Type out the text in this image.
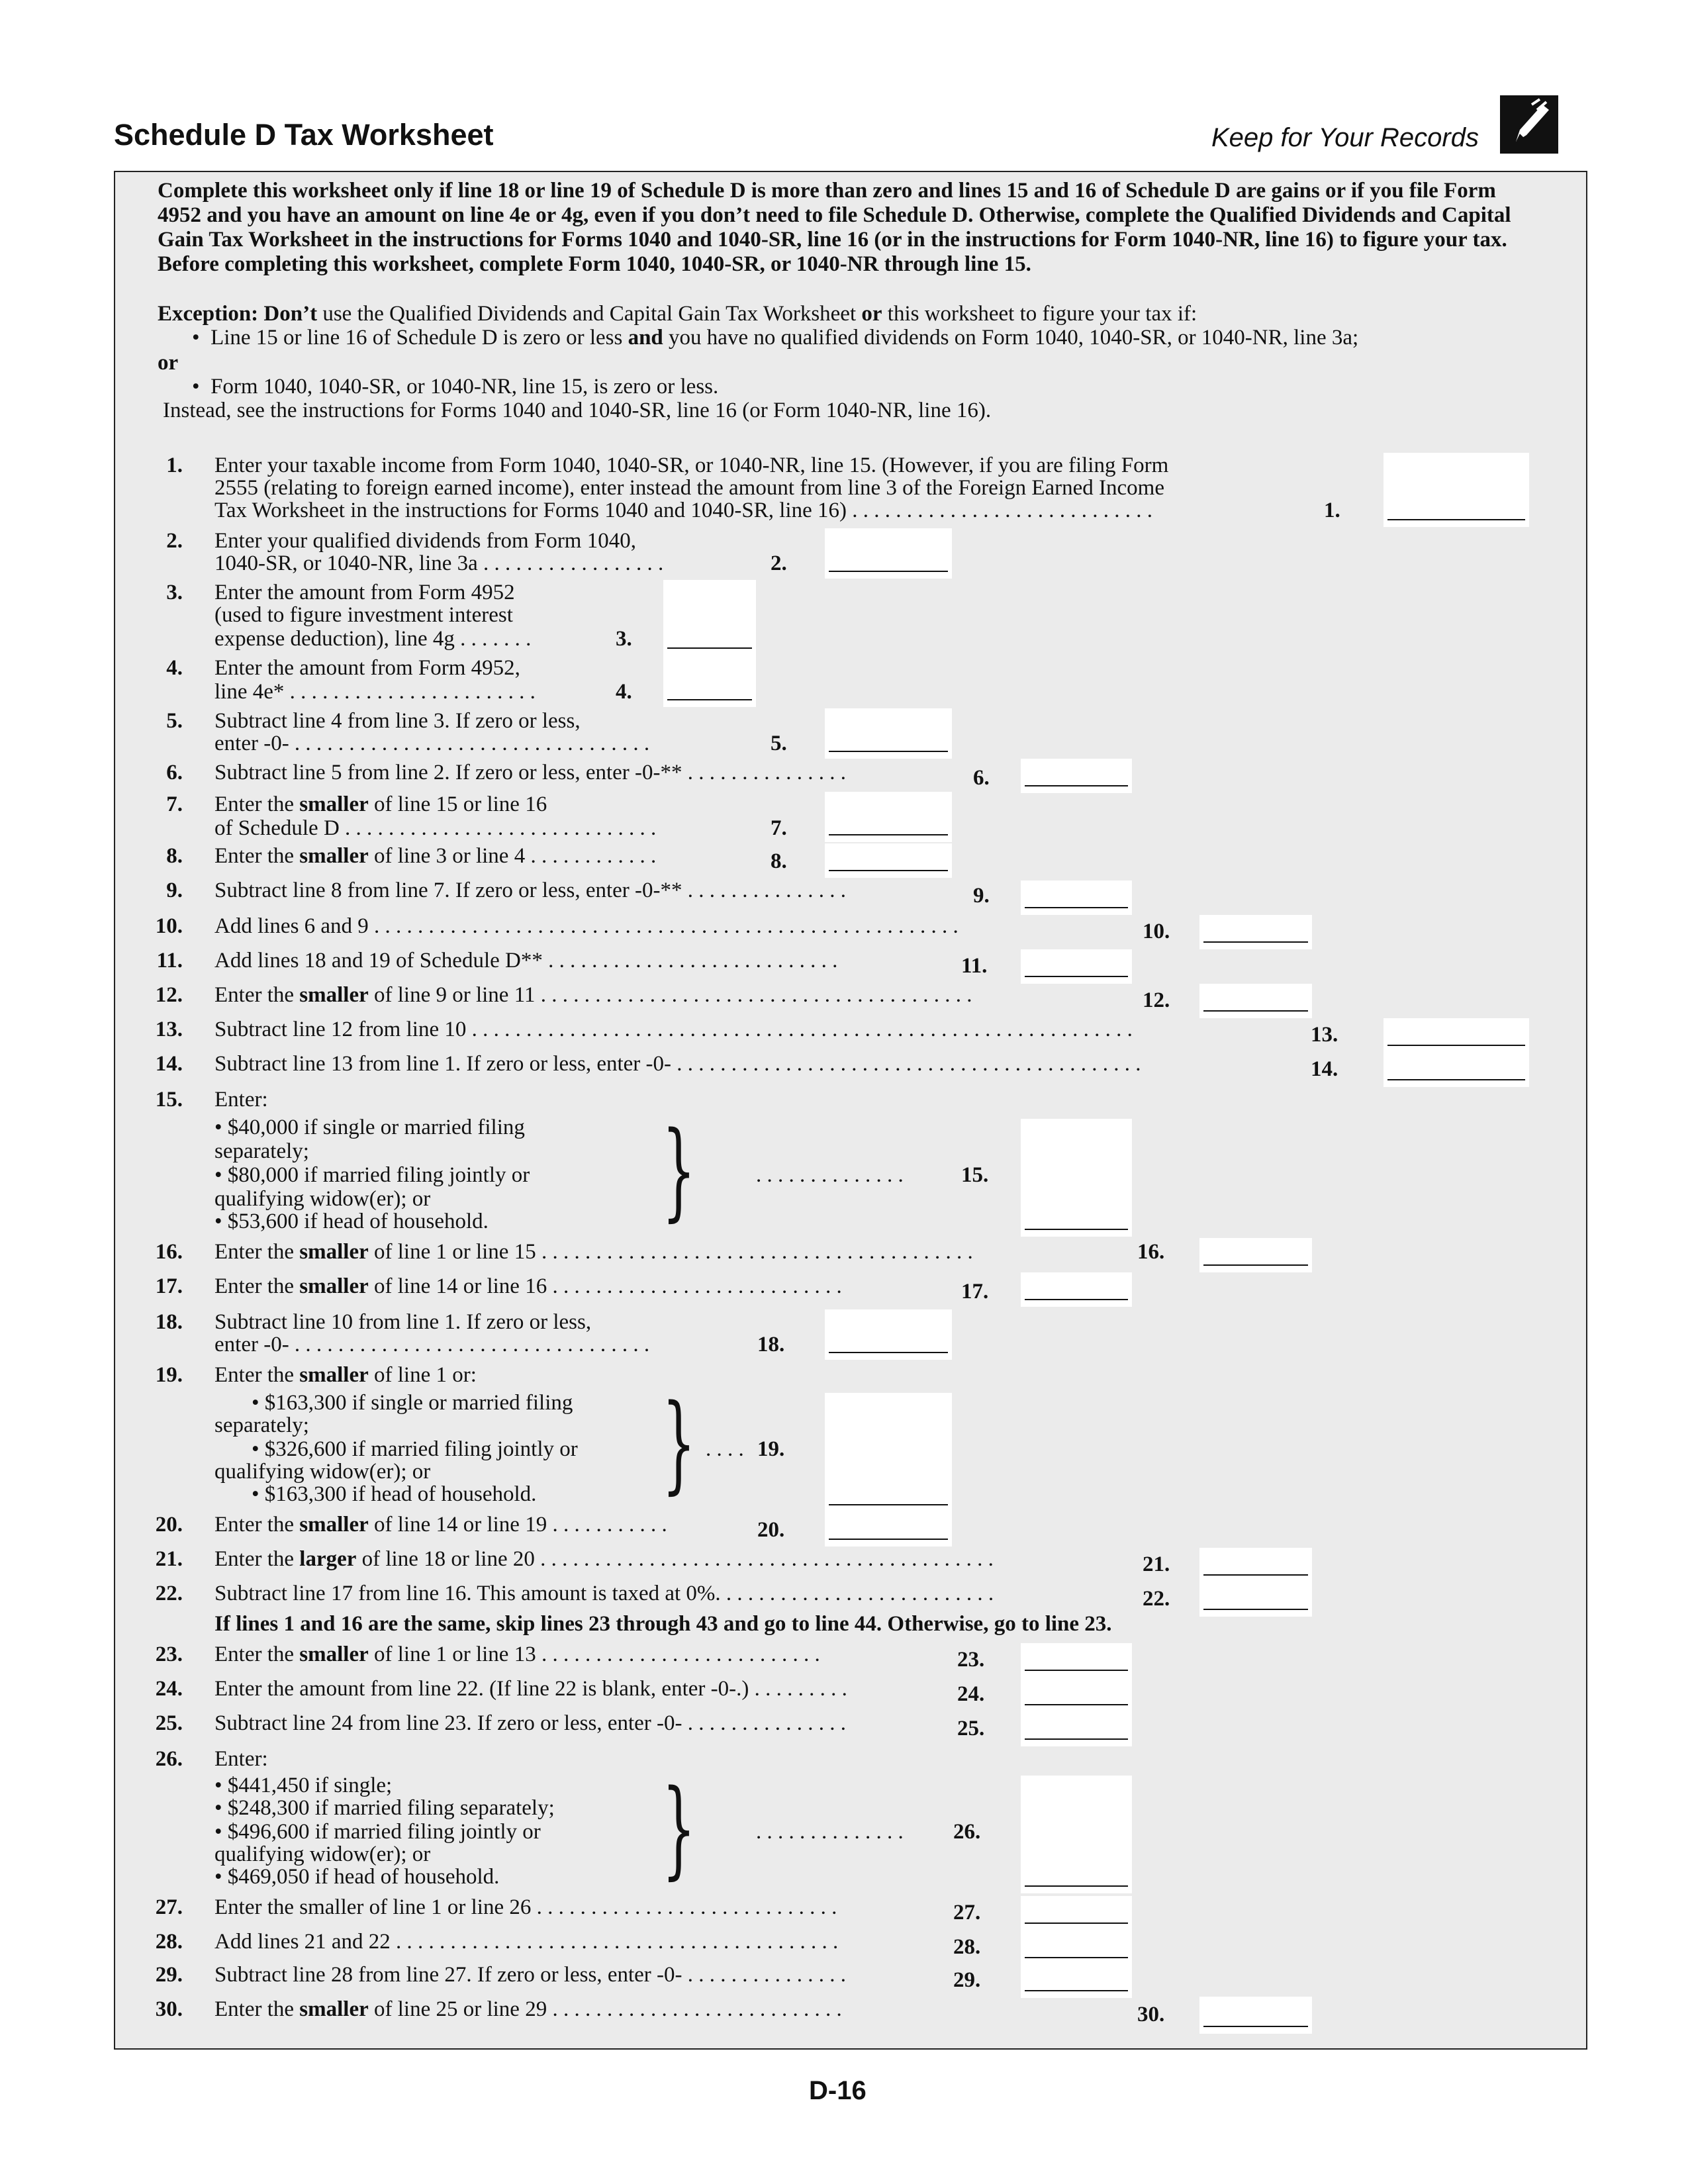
Schedule D Tax Worksheet	Keep for Your Records
Complete this worksheet only if line 18 or line 19 of Schedule D is more than zero and lines 15 and 16 of Schedule D are gains or if you file Form 4952 and you have an amount on line 4e or 4g, even if you don’t need to file Schedule D. Otherwise, complete the Qualified Dividends and Capital Gain Tax Worksheet in the instructions for Forms 1040 and 1040-SR, line 16 (or in the instructions for Form 1040-NR, line 16) to figure your tax. Before completing this worksheet, complete Form 1040, 1040-SR, or 1040-NR through line 15.
Exception: Don’t use the Qualified Dividends and Capital Gain Tax Worksheet or this worksheet to figure your tax if:
•  Line 15 or line 16 of Schedule D is zero or less and you have no qualified dividends on Form 1040, 1040-SR, or 1040-NR, line 3a;
or
•  Form 1040, 1040-SR, or 1040-NR, line 15, is zero or less.
Instead, see the instructions for Forms 1040 and 1040-SR, line 16 (or Form 1040-NR, line 16).
1. Enter your taxable income from Form 1040, 1040-SR, or 1040-NR, line 15. (However, if you are filing Form
2555 (relating to foreign earned income), enter instead the amount from line 3 of the Foreign Earned Income
Tax Worksheet in the instructions for Forms 1040 and 1040-SR, line 16) . . . . . . . . . . . . . . . . . . . . . . . . . . . .	1.
2. Enter your qualified dividends from Form 1040,
1040-SR, or 1040-NR, line 3a . . . . . . . . . . . . . . . . .	2.
3. Enter the amount from Form 4952
(used to figure investment interest
expense deduction), line 4g . . . . . . .	3.
4. Enter the amount from Form 4952,
line 4e* . . . . . . . . . . . . . . . . . . . . . . .	4.
5. Subtract line 4 from line 3. If zero or less,
enter -0- . . . . . . . . . . . . . . . . . . . . . . . . . . . . . . . . .	5.
6. Subtract line 5 from line 2. If zero or less, enter -0-** . . . . . . . . . . . . . . .	6.
7. Enter the smaller of line 15 or line 16
of Schedule D . . . . . . . . . . . . . . . . . . . . . . . . . . . . .	7.
8. Enter the smaller of line 3 or line 4 . . . . . . . . . . . .	8.
9. Subtract line 8 from line 7. If zero or less, enter -0-** . . . . . . . . . . . . . . .	9.
10. Add lines 6 and 9 . . . . . . . . . . . . . . . . . . . . . . . . . . . . . . . . . . . . . . . . . . . . . . . . . . . . . .	10.
11. Add lines 18 and 19 of Schedule D** . . . . . . . . . . . . . . . . . . . . . . . . . . .	11.
12. Enter the smaller of line 9 or line 11 . . . . . . . . . . . . . . . . . . . . . . . . . . . . . . . . . . . . . . . .	12.
13. Subtract line 12 from line 10 . . . . . . . . . . . . . . . . . . . . . . . . . . . . . . . . . . . . . . . . . . . . . . . . . . . . . . . . . . . . .	13.
14. Subtract line 13 from line 1. If zero or less, enter -0- . . . . . . . . . . . . . . . . . . . . . . . . . . . . . . . . . . . . . . . . . . .	14.
15. Enter:
• $40,000 if single or married filing
separately;
• $80,000 if married filing jointly or	. . . . . . . . . . . . . .	15.
qualifying widow(er); or
• $53,600 if head of household. }
16. Enter the smaller of line 1 or line 15 . . . . . . . . . . . . . . . . . . . . . . . . . . . . . . . . . . . . . . . .	16.
17. Enter the smaller of line 14 or line 16 . . . . . . . . . . . . . . . . . . . . . . . . . . .	17.
18. Subtract line 10 from line 1. If zero or less,
enter -0- . . . . . . . . . . . . . . . . . . . . . . . . . . . . . . . . .	18.
19. Enter the smaller of line 1 or:
• $163,300 if single or married filing
separately;
• $326,600 if married filing jointly or	. . . . 19.
qualifying widow(er); or
• $163,300 if head of household. }
20. Enter the smaller of line 14 or line 19 . . . . . . . . . . .	20.
21. Enter the larger of line 18 or line 20 . . . . . . . . . . . . . . . . . . . . . . . . . . . . . . . . . . . . . . . . . .	21.
22. Subtract line 17 from line 16. This amount is taxed at 0%. . . . . . . . . . . . . . . . . . . . . . . . . .	22.
If lines 1 and 16 are the same, skip lines 23 through 43 and go to line 44. Otherwise, go to line 23.
23. Enter the smaller of line 1 or line 13 . . . . . . . . . . . . . . . . . . . . . . . . . .	23.
24. Enter the amount from line 22. (If line 22 is blank, enter -0-.) . . . . . . . . .	24.
25. Subtract line 24 from line 23. If zero or less, enter -0- . . . . . . . . . . . . . . .	25.
26. Enter:
• $441,450 if single;
• $248,300 if married filing separately;
• $496,600 if married filing jointly or	. . . . . . . . . . . . . . 26.
qualifying widow(er); or
• $469,050 if head of household. }
27. Enter the smaller of line 1 or line 26 . . . . . . . . . . . . . . . . . . . . . . . . . . . .	27.
28. Add lines 21 and 22 . . . . . . . . . . . . . . . . . . . . . . . . . . . . . . . . . . . . . . . . .	28.
29. Subtract line 28 from line 27. If zero or less, enter -0- . . . . . . . . . . . . . . .	29.
30. Enter the smaller of line 25 or line 29 . . . . . . . . . . . . . . . . . . . . . . . . . . .	30.
D-16
